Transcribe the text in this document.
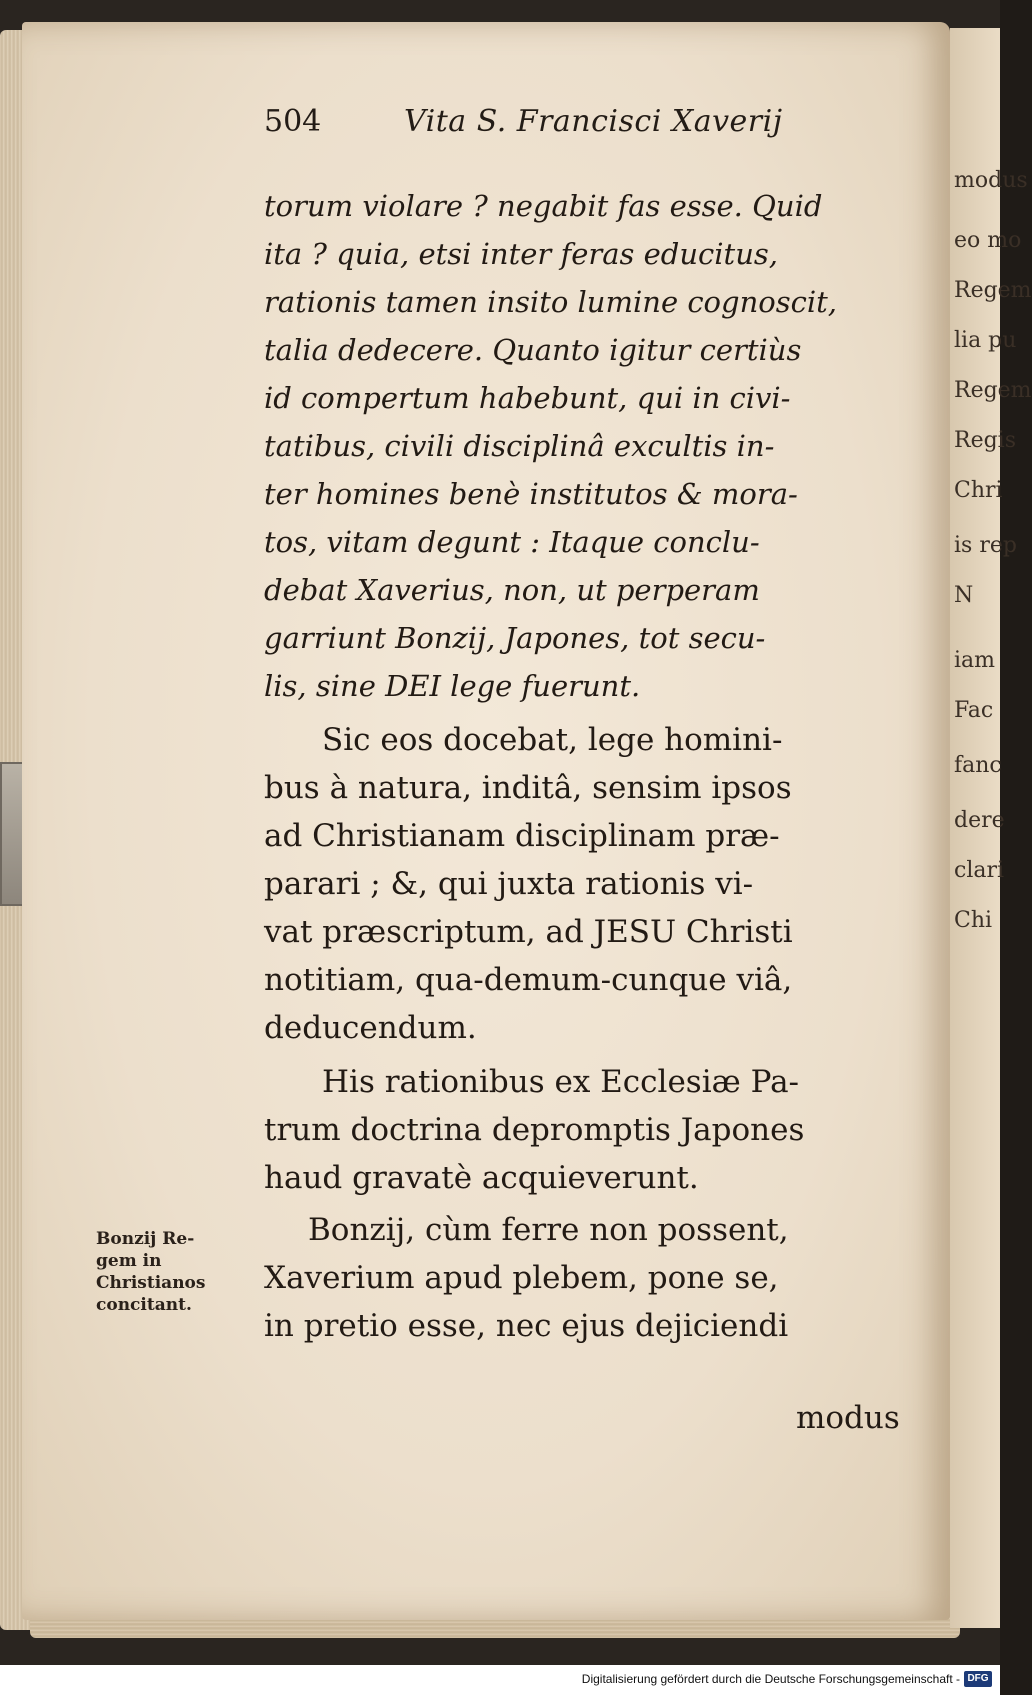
modus
eo mo
Regem
lia pu
Regem
Regis
Chri
is rep
N
iam
Fac
fanc
dere
clari
Chi
504	Vita S. Francisci Xaverij
torum violare ? negabit fas esse. Quid
ita ? quia, etsi inter feras educitus,
rationis tamen insito lumine cognoscit,
talia dedecere. Quanto igitur certiùs
id compertum habebunt, qui in civi-
tatibus, civili disciplinâ excultis in-
ter homines benè institutos & mora-
tos, vitam degunt : Itaque conclu-
debat Xaverius, non, ut perperam
garriunt Bonzij, Japones, tot secu-
lis, sine DEI lege fuerunt.
Sic eos docebat, lege homini-
bus à natura, inditâ, sensim ipsos
ad Christianam disciplinam præ-
parari ; &, qui juxta rationis vi-
vat præscriptum, ad JESU Christi
notitiam, qua-demum-cunque viâ,
deducendum.
His rationibus ex Ecclesiæ Pa-
trum doctrina depromptis Japones
haud gravatè acquieverunt.
Bonzij, cùm ferre non possent,
Xaverium apud plebem, pone se,
in pretio esse, nec ejus dejiciendi
Bonzij Re-
gem in
Christianos
concitant.
modus
Digitalisierung gefördert durch die Deutsche Forschungsgemeinschaft - DFG
